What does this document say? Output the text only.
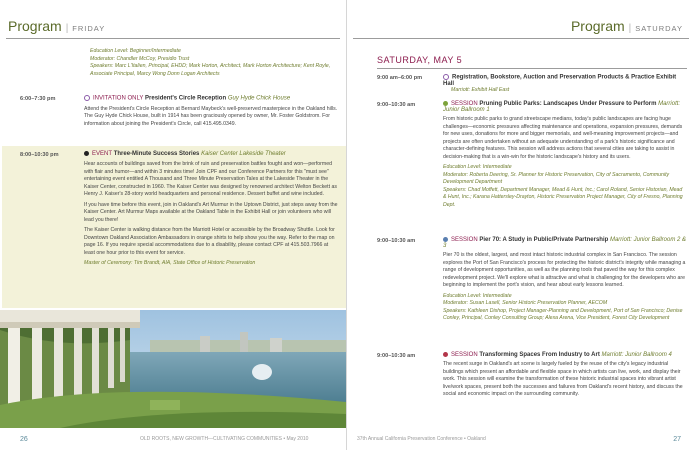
Program | FRIDAY
Education Level: Beginner/Intermediate
Moderator: Chandler McCoy, Presidio Trust
Speakers: Marc L'Italien, Principal, EHDD; Mark Horton, Architect, Mark Horton Architecture; Kent Royle, Associate Principal, Marcy Wong Donn Logan Architects
6:00–7:30 pm	INVITATION ONLY President's Circle Reception Guy Hyde Chick House

Attend the President's Circle Reception at Bernard Maybeck's well-preserved masterpiece in the Oakland hills. The Guy Hyde Chick House, built in 1914 has been graciously opened by owner, Mr. Foster Goldstrom. For information about joining the President's Circle, call 415.495.0349.

8:00–10:30 pm	EVENT Three-Minute Success Stories Kaiser Center Lakeside Theater

Hear accounts of buildings saved from the brink of ruin and preservation battles fought and won—performed with flair and humor—and within 3 minutes time! Join CPF and our Conference Partners for this "must see" entertaining event entitled A Thousand and Three Minute Preservation Tales at the Lakeside Theater in the Kaiser Center, constructed in 1960. The Kaiser Center was designed by renowned architect Welton Beckett as Henry J. Kaiser's 28-story world headquarters and personal residence. Dessert buffet and wine included.

If you have time before this event, join in Oakland's Art Murmur in the Uptown District, just steps away from the Kaiser Center. Art Murmur Maps available at the Oakland Table in the Exhibit Hall or join volunteers who will lead you there!

The Kaiser Center is walking distance from the Marriott Hotel or accessible by the Broadway Shuttle. Look for Downtown Oakland Association Ambassadors in orange shirts to help show you the way. Refer to the map on page 16. If you require special accommodations due to a disability, please contact CPF at 415.503.7966 at least one hour prior to this event for service.

Master of Ceremony: Tim Brandt, AIA, State Office of Historic Preservation
26	OLD ROOTS, NEW GROWTH—CULTIVATING COMMUNITIES • May 2010
Program | SATURDAY
SATURDAY, MAY 5
9:00 am–6:00 pm	Registration, Bookstore, Auction and Preservation Products & Practice Exhibit Hall
Marriott: Exhibit Hall East
9:00–10:30 am	SESSION Pruning Public Parks: Landscapes Under Pressure to Perform Marriott: Junior Ballroom 1

From historic public parks to grand streetscape medians, today's public landscapes are facing huge challenges—economic pressures affecting maintenance and operations, expansion pressures, demands for new uses, donations for more and bigger memorials, and well-meaning improvement projects—and projects are often undertaken without an adequate understanding of a park's historic significance and character-defining features. This session will address actions that several cities are taking to assist in decision-making that is a win-win for the historic landscape's history and its users.

Education Level: Intermediate
Moderator: Roberta Deering, Sr. Planner for Historic Preservation, City of Sacramento, Community Development Department
Speakers: Chad Moffett, Department Manager, Mead & Hunt, Inc.; Carol Roland, Senior Historian, Mead & Hunt, Inc.; Karana Hattersley-Drayton, Historic Preservation Project Manager, City of Fresno, Planning Dept.
9:00–10:30 am	SESSION Pier 70: A Study in Public/Private Partnership Marriott: Junior Ballroom 2 & 3

Pier 70 is the oldest, largest, and most intact historic industrial complex in San Francisco. The session explores the Port of San Francisco's process for protecting the historic district's integrity while managing a range of development opportunities, as well as the planning tools that paved the way for this complex redevelopment project. We'll explore what is attractive and what is challenging for the developers who are beginning to implement the port's vision, and hear about early lessons learned.

Education Level: Intermediate
Moderator: Susan Lasell, Senior Historic Preservation Planner, AECOM
Speakers: Kathleen Dishop, Project Manager-Planning and Development, Port of San Francisco; Denise Conley, Principal, Conley Consulting Group; Alexa Arena, Vice President, Forest City Development
9:00–10:30 am	SESSION Transforming Spaces From Industry to Art Marriott: Junior Ballroom 4

The recent surge in Oakland's art scene is largely fueled by the reuse of the city's legacy industrial buildings which present an affordable and flexible space in which artists can live, work, and display their work. This session will examine the transformation of these historic industrial spaces into vibrant artist live/work spaces, present both the successes and failures from Oakland's recent history, and discuss the social and economic impact on the surrounding community.

37th Annual California Preservation Conference • Oakland	27
